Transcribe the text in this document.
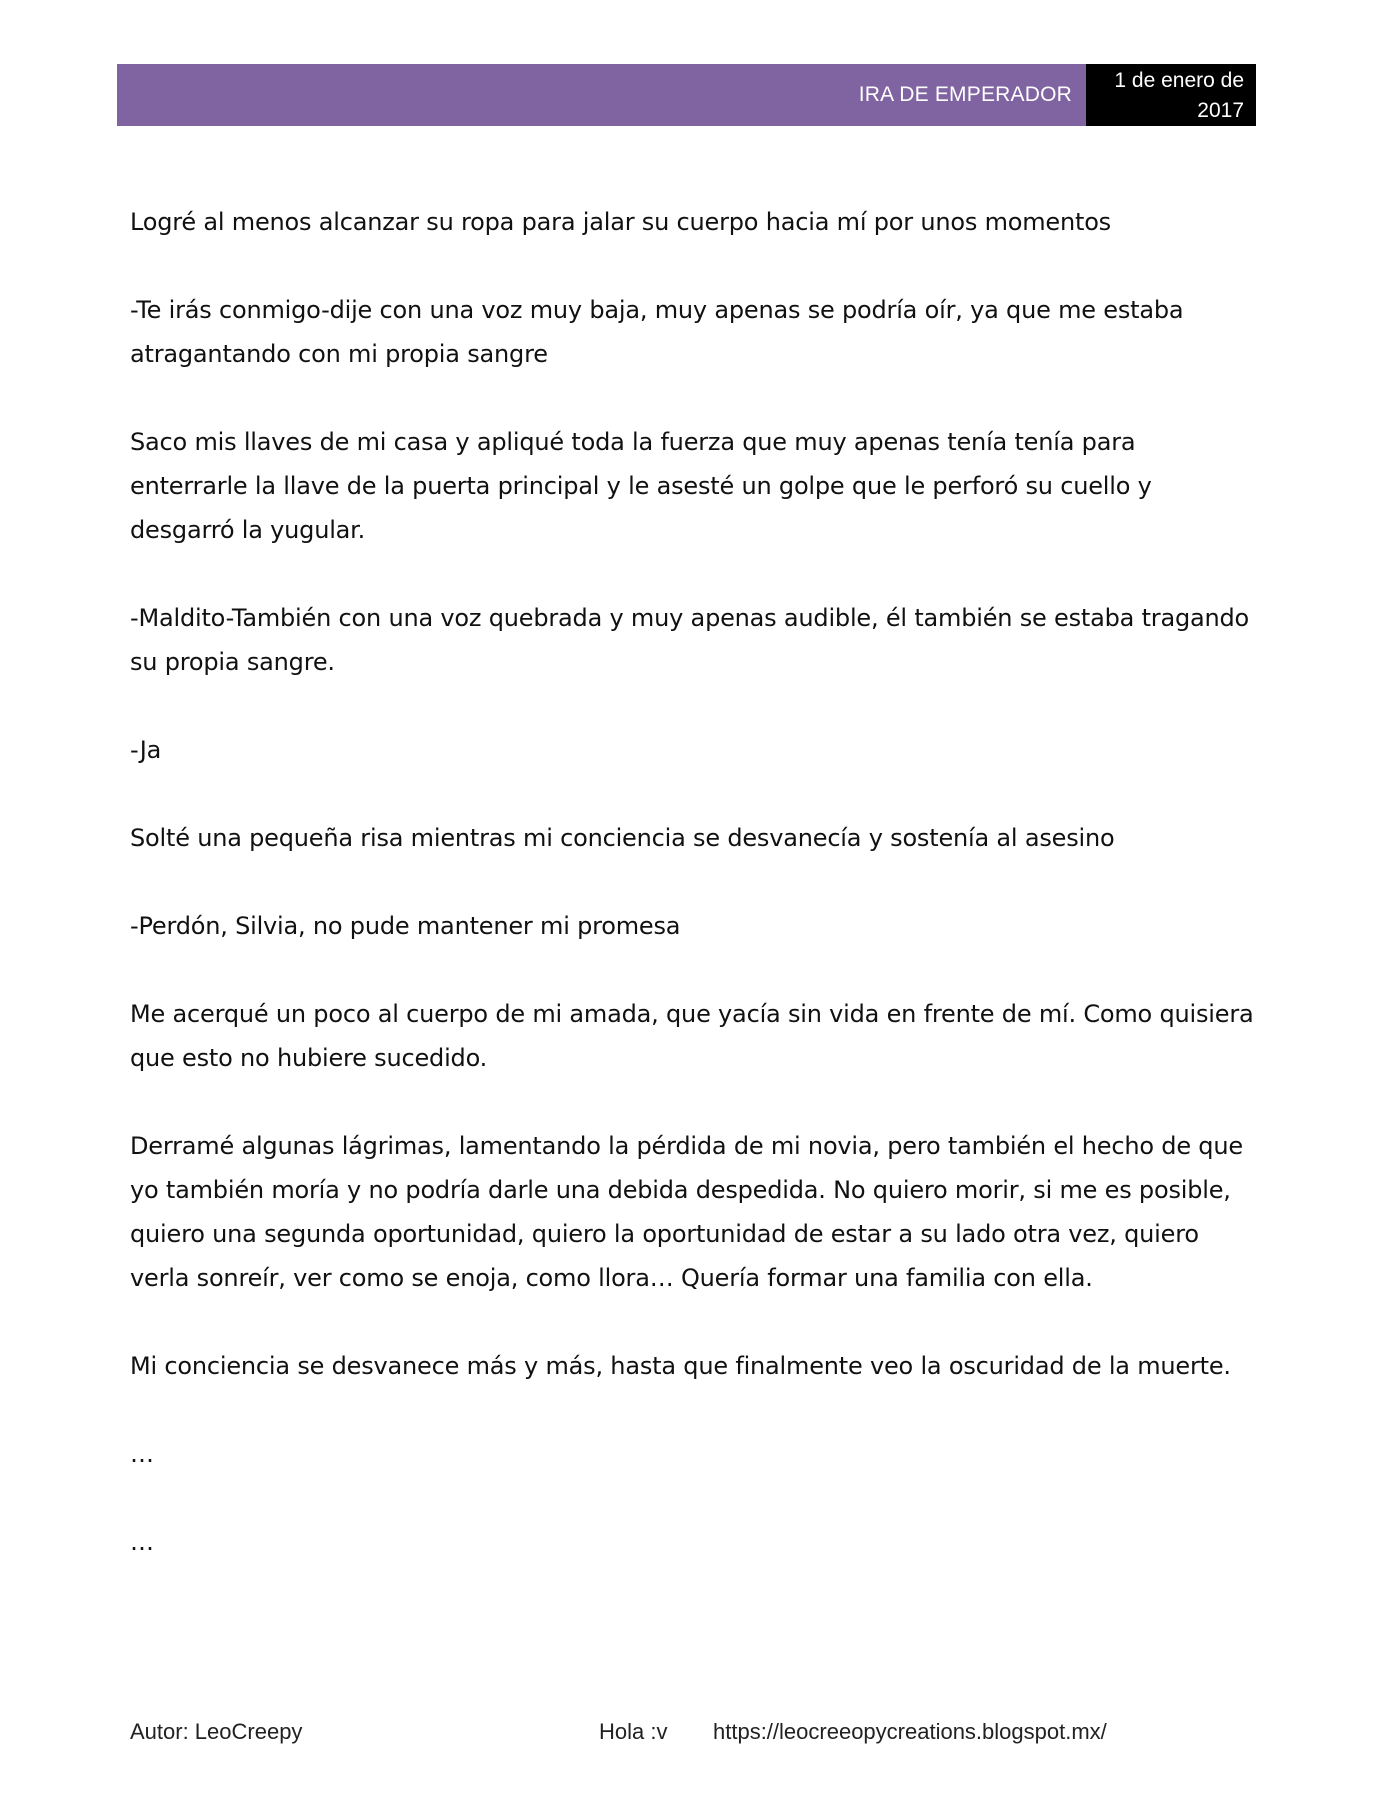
IRA DE EMPERADOR
1 de enero de 2017

Logré al menos alcanzar su ropa para jalar su cuerpo hacia mí por unos momentos

-Te irás conmigo-dije con una voz muy baja, muy apenas se podría oír, ya que me estaba atragantando con mi propia sangre

Saco mis llaves de mi casa y apliqué toda la fuerza que muy apenas tenía tenía para enterrarle la llave de la puerta principal y le asesté un golpe que le perforó su cuello y desgarró la yugular.

-Maldito-También con una voz quebrada y muy apenas audible, él también se estaba tragando su propia sangre.

-Ja

Solté una pequeña risa mientras mi conciencia se desvanecía y sostenía al asesino

-Perdón, Silvia, no pude mantener mi promesa

Me acerqué un poco al cuerpo de mi amada, que yacía sin vida en frente de mí. Como quisiera que esto no hubiere sucedido.

Derramé algunas lágrimas, lamentando la pérdida de mi novia, pero también el hecho de que yo también moría y no podría darle una debida despedida. No quiero morir, si me es posible, quiero una segunda oportunidad, quiero la oportunidad de estar a su lado otra vez, quiero verla sonreír, ver como se enoja, como llora… Quería formar una familia con ella.

Mi conciencia se desvanece más y más, hasta que finalmente veo la oscuridad de la muerte.

…

…

Autor: LeoCreepy	Hola :v https://leocreeopycreations.blogspot.mx/
